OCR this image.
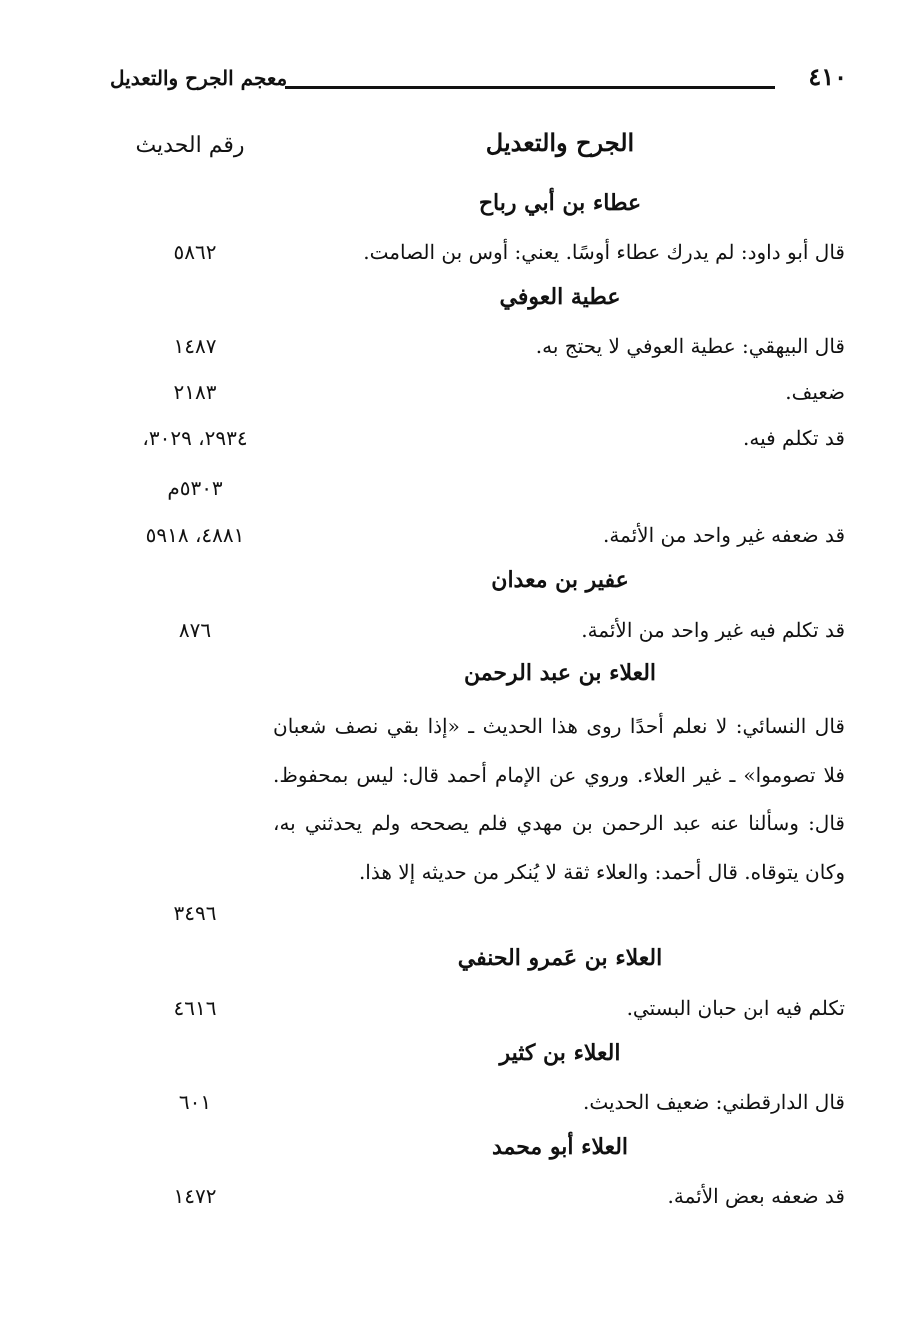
٤١٠
معجم الجرح والتعديل
الجرح والتعديل
رقم الحديث
عطاء بن أبي رباح
قال أبو داود: لم يدرك عطاء أوسًا. يعني: أوس بن الصامت.
٥٨٦٢
عطية العوفي
قال البيهقي: عطية العوفي لا يحتج به.
١٤٨٧
ضعيف.
٢١٨٣
قد تكلم فيه.
٢٩٣٤، ٣٠٢٩،
٥٣٠٣م
قد ضعفه غير واحد من الأئمة.
٤٨٨١، ٥٩١٨
عفير بن معدان
قد تكلم فيه غير واحد من الأئمة.
٨٧٦
العلاء بن عبد الرحمن
قال النسائي: لا نعلم أحدًا روى هذا الحديث ـ «إذا بقي نصف شعبان فلا تصوموا» ـ غير العلاء. وروي عن الإمام أحمد قال: ليس بمحفوظ. قال: وسألنا عنه عبد الرحمن بن مهدي فلم يصححه ولم يحدثني به، وكان يتوقاه. قال أحمد: والعلاء ثقة لا يُنكر من حديثه إلا هذا.
٣٤٩٦
العلاء بن عَمرو الحنفي
تكلم فيه ابن حبان البستي.
٤٦١٦
العلاء بن كثير
قال الدارقطني: ضعيف الحديث.
٦٠١
العلاء أبو محمد
قد ضعفه بعض الأئمة.
١٤٧٢
